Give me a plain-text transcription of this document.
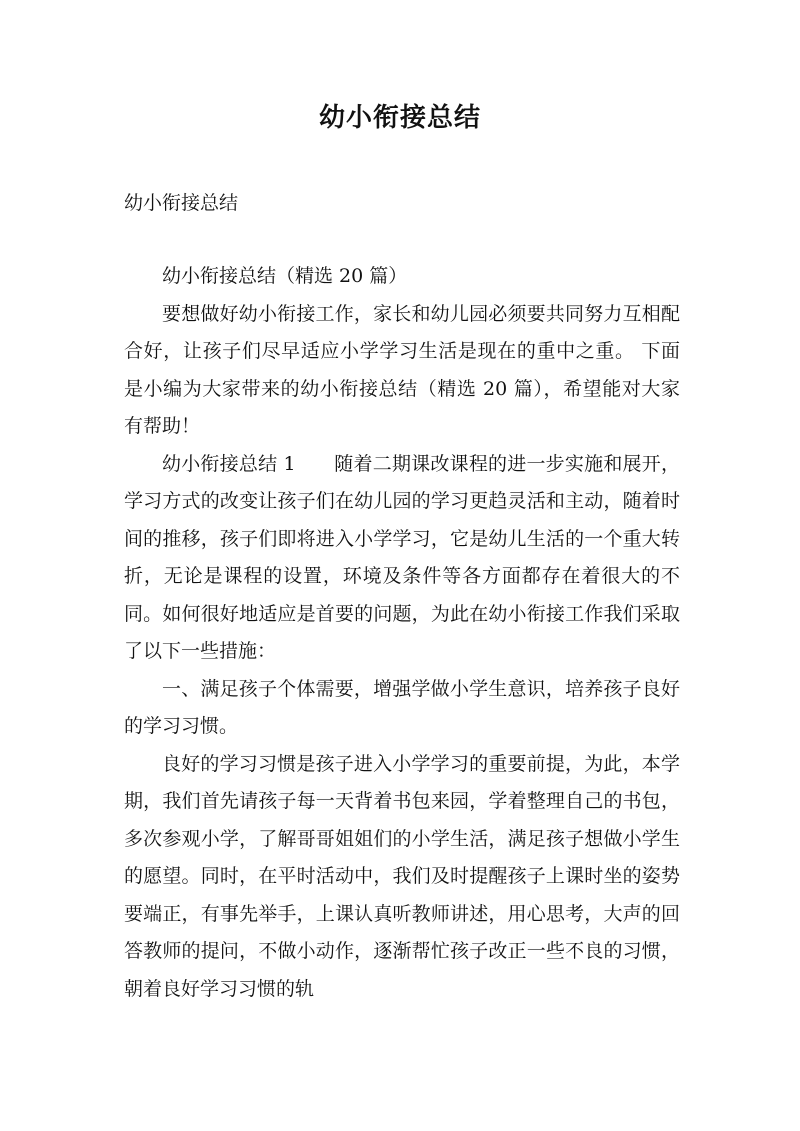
幼小衔接总结
幼小衔接总结

幼小衔接总结（精选 20 篇）

要想做好幼小衔接工作，家长和幼儿园必须要共同努力互相配合好，让孩子们尽早适应小学学习生活是现在的重中之重。 下面是小编为大家带来的幼小衔接总结（精选 20 篇），希望能对大家有帮助！

幼小衔接总结 1　　随着二期课改课程的进一步实施和展开，学习方式的改变让孩子们在幼儿园的学习更趋灵活和主动，随着时间的推移，孩子们即将进入小学学习，它是幼儿生活的一个重大转折，无论是课程的设置，环境及条件等各方面都存在着很大的不同。如何很好地适应是首要的问题，为此在幼小衔接工作我们采取了以下一些措施：

一、满足孩子个体需要，增强学做小学生意识，培养孩子良好的学习习惯。

良好的学习习惯是孩子进入小学学习的重要前提，为此，本学期，我们首先请孩子每一天背着书包来园，学着整理自己的书包，多次参观小学，了解哥哥姐姐们的小学生活，满足孩子想做小学生的愿望。同时，在平时活动中，我们及时提醒孩子上课时坐的姿势要端正，有事先举手，上课认真听教师讲述，用心思考，大声的回答教师的提问，不做小动作，逐渐帮忙孩子改正一些不良的习惯，朝着良好学习习惯的轨
